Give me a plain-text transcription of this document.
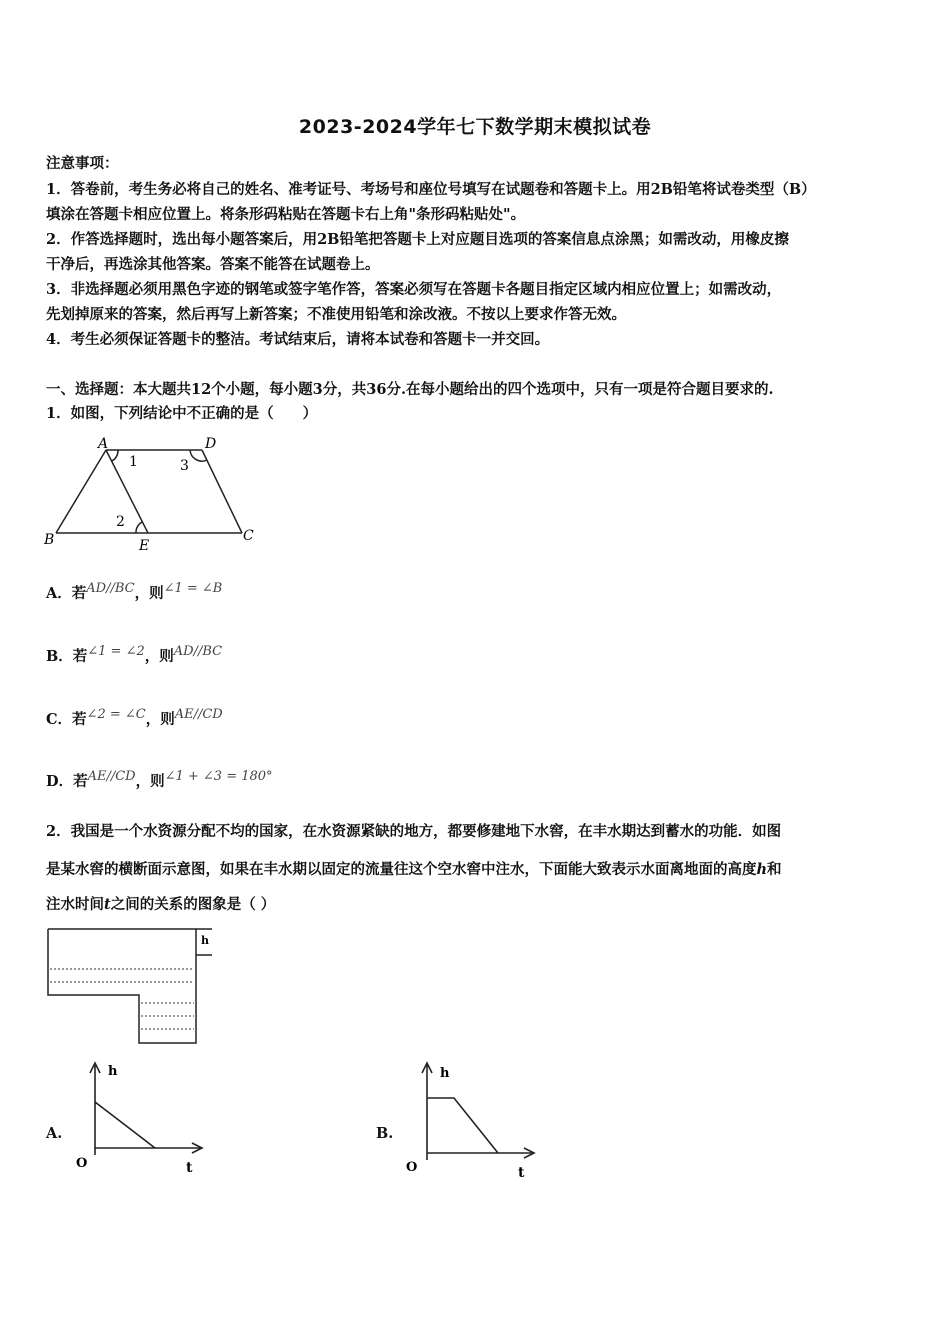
2023-2024学年七下数学期末模拟试卷
注意事项：
1．答卷前，考生务必将自己的姓名、准考证号、考场号和座位号填写在试题卷和答题卡上。用2B铅笔将试卷类型（B）
填涂在答题卡相应位置上。将条形码粘贴在答题卡右上角"条形码粘贴处"。
2．作答选择题时，选出每小题答案后，用2B铅笔把答题卡上对应题目选项的答案信息点涂黑；如需改动，用橡皮擦
干净后，再选涂其他答案。答案不能答在试题卷上。
3．非选择题必须用黑色字迹的钢笔或签字笔作答，答案必须写在答题卡各题目指定区域内相应位置上；如需改动，
先划掉原来的答案，然后再写上新答案；不准使用铅笔和涂改液。不按以上要求作答无效。
4．考生必须保证答题卡的整洁。考试结束后，请将本试卷和答题卡一并交回。
一、选择题：本大题共12个小题，每小题3分，共36分.在每小题给出的四个选项中，只有一项是符合题目要求的.
1．如图，下列结论中不正确的是（　　）
A	D
B	E
C
1
2
3
A．若AD//BC，则∠1 = ∠B
B．若∠1 = ∠2，则AD//BC
C．若∠2 = ∠C，则AE//CD
D．若AE//CD，则∠1 + ∠3 = 180°
2．我国是一个水资源分配不均的国家，在水资源紧缺的地方，都要修建地下水窖，在丰水期达到蓄水的功能．如图
是某水窖的横断面示意图，如果在丰水期以固定的流量往这个空水窖中注水，下面能大致表示水面离地面的高度h和
注水时间t之间的关系的图象是（ ）
h
A.
h
t
O
B.
h
t
O
